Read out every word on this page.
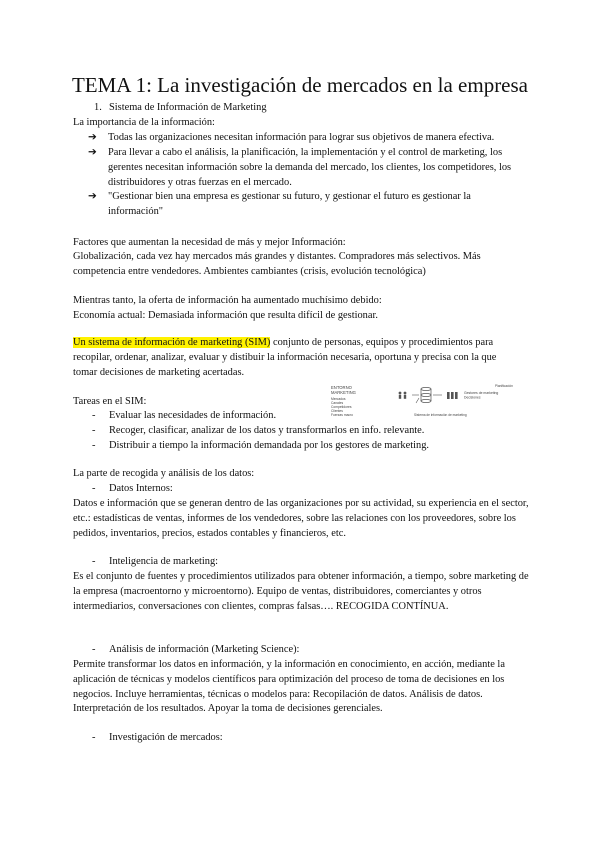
TEMA 1: La investigación de mercados en la empresa
1. Sistema de Información de Marketing

La importancia de la información:

➔ Todas las organizaciones necesitan información para lograr sus objetivos de manera efectiva.
➔ Para llevar a cabo el análisis, la planificación, la implementación y el control de marketing, los gerentes necesitan información sobre la demanda del mercado, los clientes, los competidores, los distribuidores y otras fuerzas en el mercado.
➔ "Gestionar bien una empresa es gestionar su futuro, y gestionar el futuro es gestionar la información"

Factores que aumentan la necesidad de más y mejor Información:

Globalización, cada vez hay mercados más grandes y distantes. Compradores más selectivos. Más competencia entre vendedores. Ambientes cambiantes (crisis, evolución tecnológica)

Mientras tanto, la oferta de información ha aumentado muchísimo debido:

Economía actual: Demasiada información que resulta difícil de gestionar.

Un sistema de información de marketing (SIM) conjunto de personas, equipos y procedimientos para recopilar, ordenar, analizar, evaluar y distibuir la información necesaria, oportuna y precisa con la que tomar decisiones de marketing acertadas.

ENTORNO
MARKETING
Mercados
Canales
Competidores
Clientes
Fuerzas macro	Sistema de información de marketing
Planificación
Gestores de marketing
Decisiones

Tareas en el SIM:

- Evaluar las necesidades de información.
- Recoger, clasificar, analizar de los datos y transformarlos en info. relevante.
- Distribuir a tiempo la información demandada por los gestores de marketing.

La parte de recogida y análisis de los datos:

- Datos Internos:

Datos e información que se generan dentro de las organizaciones por su actividad, su experiencia en el sector, etc.: estadísticas de ventas, informes de los vendedores, sobre las relaciones con los proveedores, sobre los pedidos, inventarios, precios, estados contables y financieros, etc.

- Inteligencia de marketing:

Es el conjunto de fuentes y procedimientos utilizados para obtener información, a tiempo, sobre marketing de la empresa (macroentorno y microentorno). Equipo de ventas, distribuidores, comerciantes y otros intermediarios, conversaciones con clientes, compras falsas…. RECOGIDA CONTÍNUA.

- Análisis de información (Marketing Science):

Permite transformar los datos en información, y la información en conocimiento, en acción, mediante la aplicación de técnicas y modelos científicos para optimización del proceso de toma de decisiones en los negocios. Incluye herramientas, técnicas o modelos para: Recopilación de datos. Análisis de datos. Interpretación de los resultados. Apoyar la toma de decisiones gerenciales.

- Investigación de mercados:
